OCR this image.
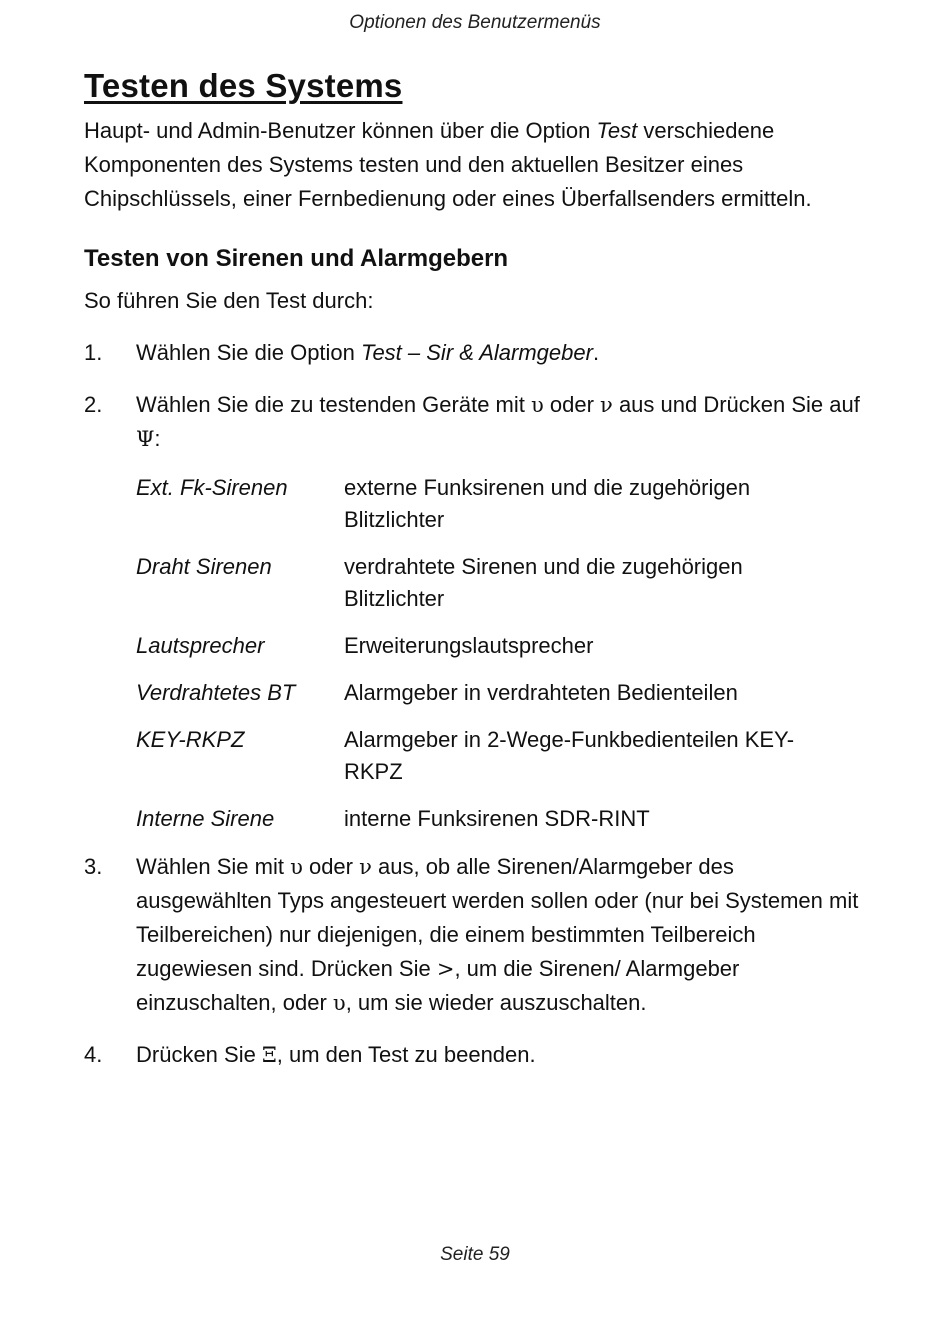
Optionen des Benutzermenüs
Testen des Systems

Haupt- und Admin-Benutzer können über die Option Test verschiedene Komponenten des Systems testen und den aktuellen Besitzer eines Chipschlüssels, einer Fernbedienung oder eines Überfallsenders ermitteln.

Testen von Sirenen und Alarmgebern

So führen Sie den Test durch:

1. Wählen Sie die Option Test – Sir & Alarmgeber.
2. Wählen Sie die zu testenden Geräte mit υ oder ν aus und Drücken Sie auf Ψ:
Ext. Fk-Sirenen	externe Funksirenen und die zugehörigen Blitzlichter
Draht Sirenen	verdrahtete Sirenen und die zugehörigen Blitzlichter
Lautsprecher	Erweiterungslautsprecher
Verdrahtetes BT	Alarmgeber in verdrahteten Bedienteilen
KEY-RKPZ	Alarmgeber in 2-Wege-Funkbedienteilen KEY-RKPZ
Interne Sirene	interne Funksirenen SDR-RINT
3. Wählen Sie mit υ oder ν aus, ob alle Sirenen/Alarmgeber des ausgewählten Typs angesteuert werden sollen oder (nur bei Systemen mit Teilbereichen) nur diejenigen, die einem bestimmten Teilbereich zugewiesen sind. Drücken Sie >, um die Sirenen/ Alarmgeber einzuschalten, oder υ, um sie wieder auszuschalten.
4. Drücken Sie Ξ, um den Test zu beenden.
Seite 59
